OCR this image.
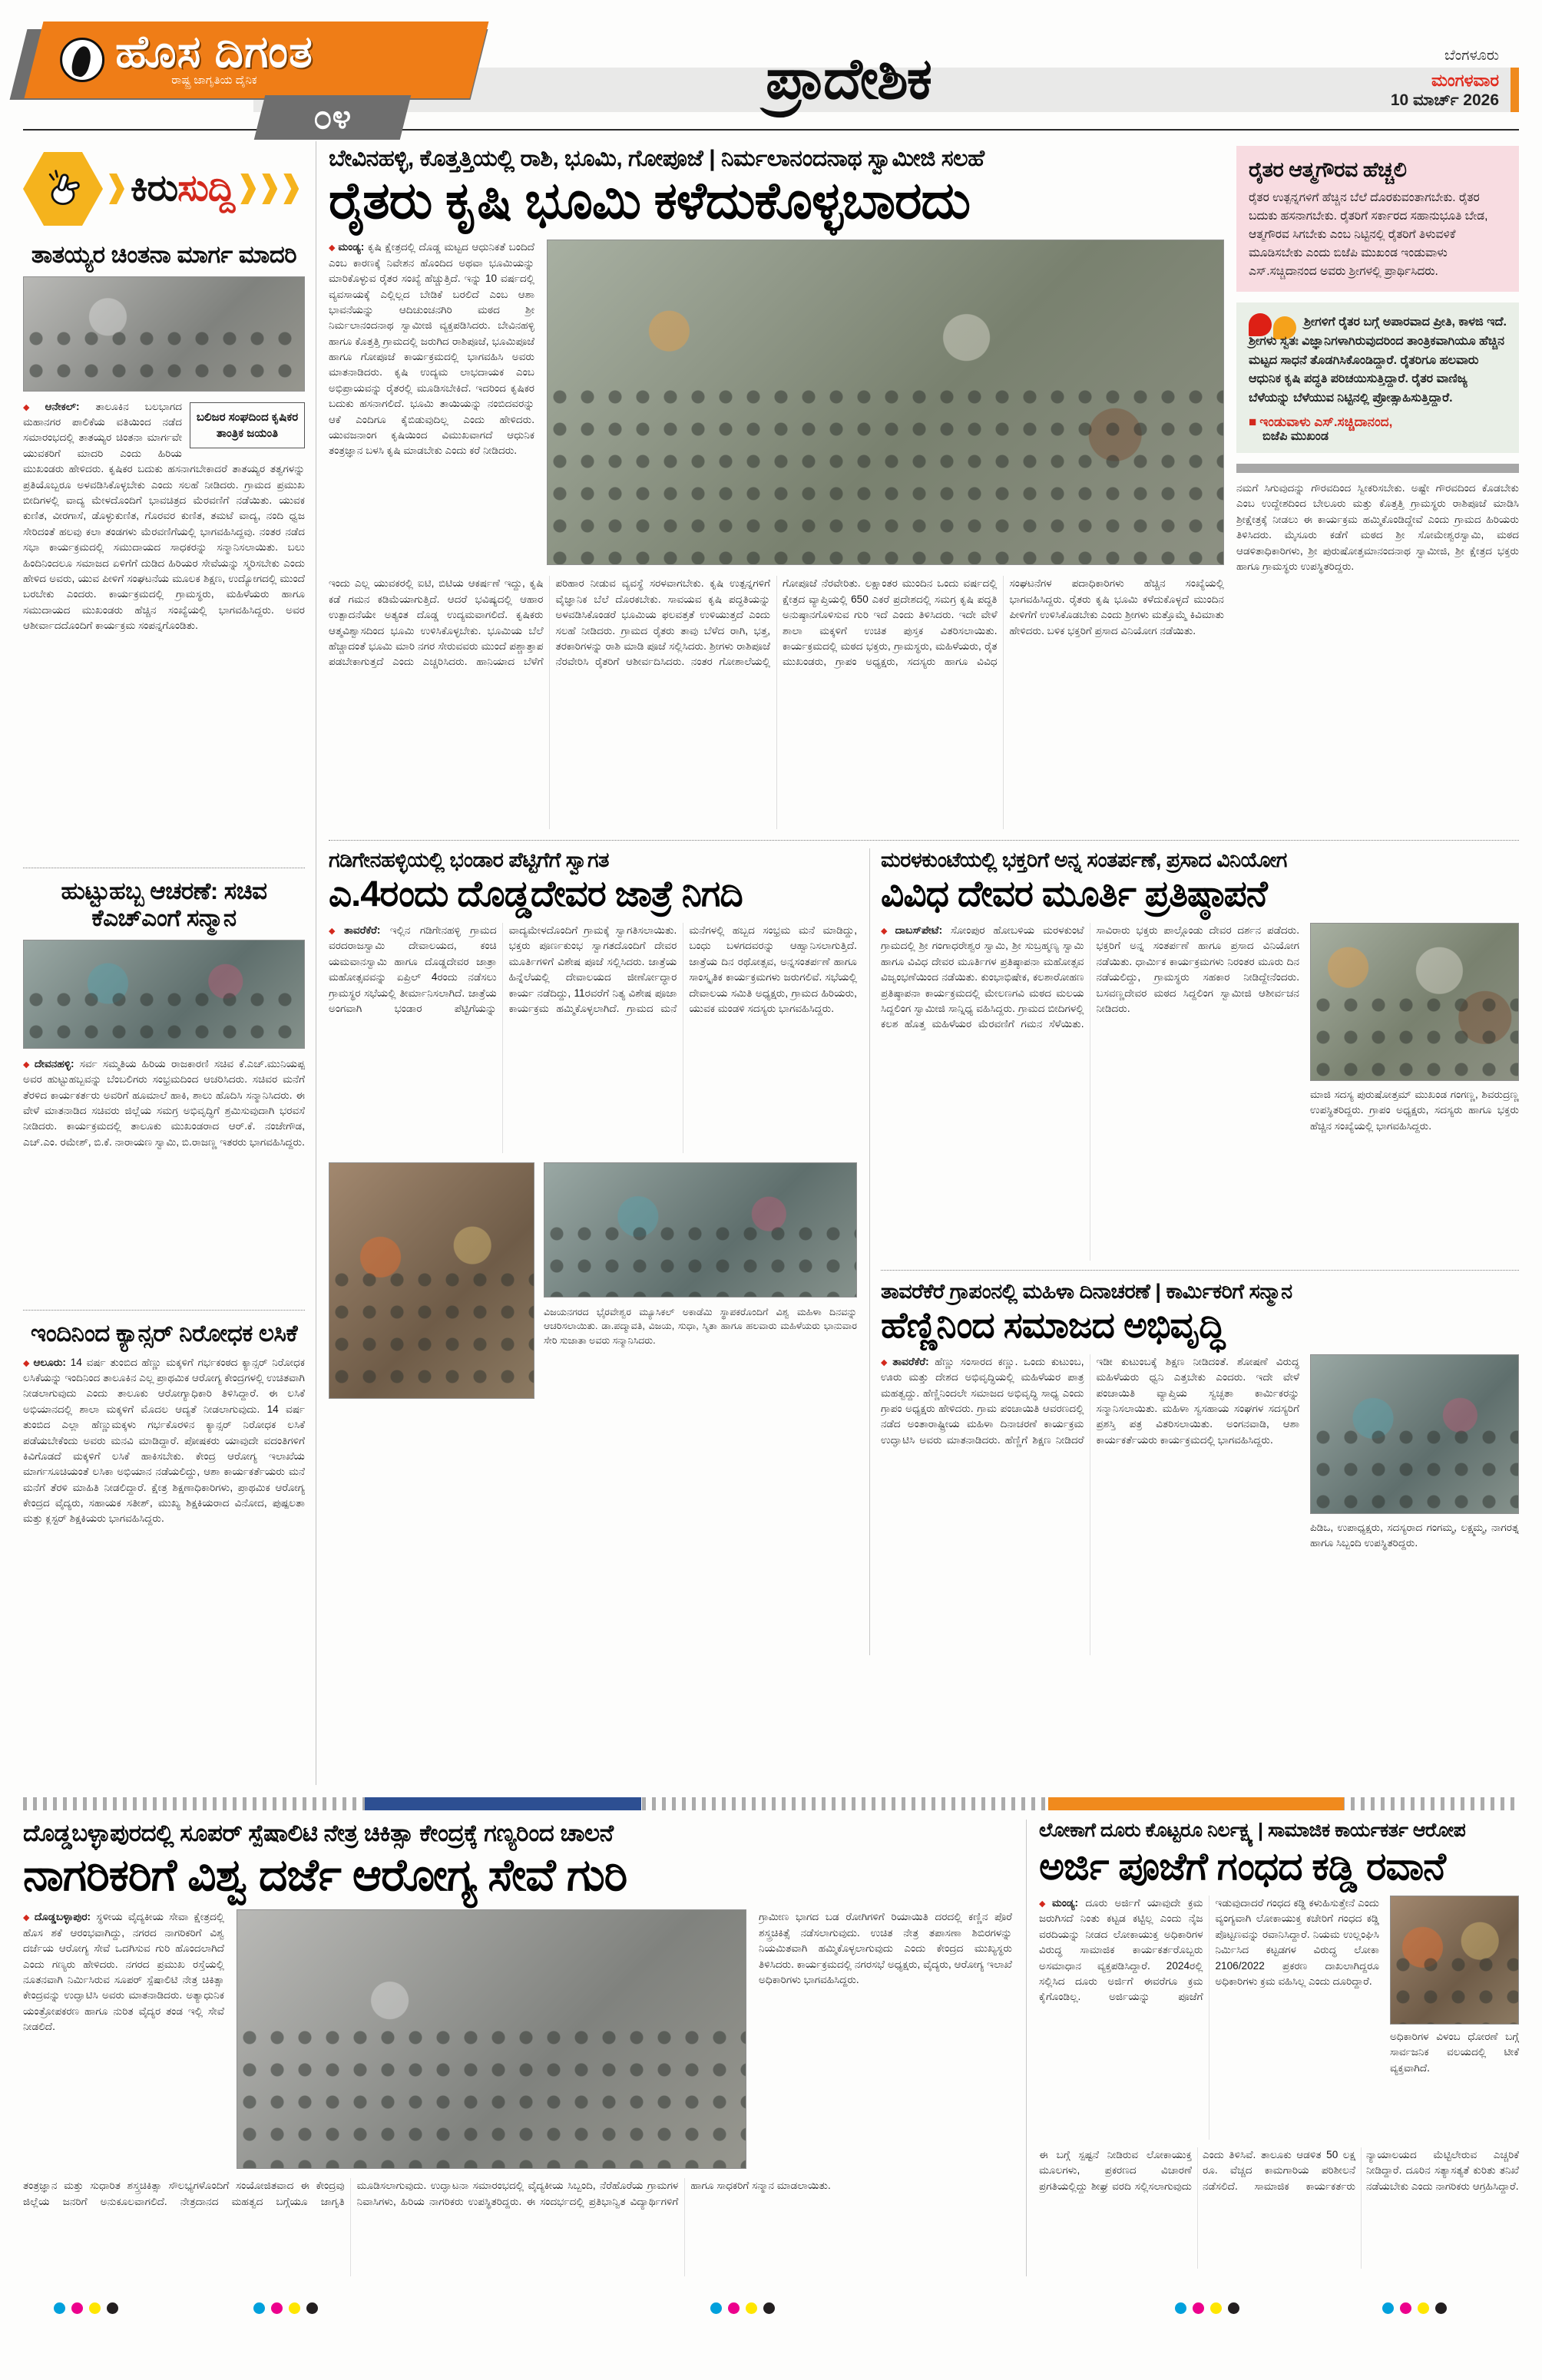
ಪ್ರಾದೇಶಿಕ	ಮಂಗಳವಾರ
10 ಮಾರ್ಚ್ 2026
ಬೆಂಗಳೂರು
ಹೊಸ ದಿಗಂತ
ರಾಷ್ಟ್ರ ಜಾಗೃತಿಯ ದೈನಿಕ
೦೪
ಕಿರುಸುದ್ದಿ
ತಾತಯ್ಯರ ಚಿಂತನಾ ಮಾರ್ಗ ಮಾದರಿ
ಬಲಿಜರ ಸಂಘದಿಂದ ಕೃಷಿಕರ ತಾಂತ್ರಿಕ ಜಯಂತಿ
◆ ಆನೇಕಲ್: ತಾಲೂಕಿನ ಬಲಭಾಗದ ಮಹಾನಗರ ಪಾಲಿಕೆಯ ವತಿಯಿಂದ ನಡೆದ ಸಮಾರಂಭದಲ್ಲಿ ತಾತಯ್ಯರ ಚಿಂತನಾ ಮಾರ್ಗವೇ ಯುವಕರಿಗೆ ಮಾದರಿ ಎಂದು ಹಿರಿಯ ಮುಖಂಡರು ಹೇಳಿದರು. ಕೃಷಿಕರ ಬದುಕು ಹಸನಾಗಬೇಕಾದರೆ ತಾತಯ್ಯರ ತತ್ವಗಳನ್ನು ಪ್ರತಿಯೊಬ್ಬರೂ ಅಳವಡಿಸಿಕೊಳ್ಳಬೇಕು ಎಂದು ಸಲಹೆ ನೀಡಿದರು. ಗ್ರಾಮದ ಪ್ರಮುಖ ಬೀದಿಗಳಲ್ಲಿ ವಾದ್ಯ ಮೇಳದೊಂದಿಗೆ ಭಾವಚಿತ್ರದ ಮೆರವಣಿಗೆ ನಡೆಯಿತು. ಯುವಕ ಕುಣಿತ, ವೀರಗಾಸೆ, ಡೊಳ್ಳುಕುಣಿತ, ಗೊರವರ ಕುಣಿತ, ತಮಟೆ ವಾದ್ಯ, ನಂದಿ ಧ್ವಜ ಸೇರಿದಂತೆ ಹಲವು ಕಲಾ ತಂಡಗಳು ಮೆರವಣಿಗೆಯಲ್ಲಿ ಭಾಗವಹಿಸಿದ್ದವು. ನಂತರ ನಡೆದ ಸಭಾ ಕಾರ್ಯಕ್ರಮದಲ್ಲಿ ಸಮುದಾಯದ ಸಾಧಕರನ್ನು ಸನ್ಮಾನಿಸಲಾಯಿತು. ಬಲು ಹಿಂದಿನಿಂದಲೂ ಸಮಾಜದ ಏಳಿಗೆಗೆ ದುಡಿದ ಹಿರಿಯರ ಸೇವೆಯನ್ನು ಸ್ಮರಿಸಬೇಕು ಎಂದು ಹೇಳಿದ ಅವರು, ಯುವ ಪೀಳಿಗೆ ಸಂಘಟನೆಯ ಮೂಲಕ ಶಿಕ್ಷಣ, ಉದ್ಯೋಗದಲ್ಲಿ ಮುಂದೆ ಬರಬೇಕು ಎಂದರು. ಕಾರ್ಯಕ್ರಮದಲ್ಲಿ ಗ್ರಾಮಸ್ಥರು, ಮಹಿಳೆಯರು ಹಾಗೂ ಸಮುದಾಯದ ಮುಖಂಡರು ಹೆಚ್ಚಿನ ಸಂಖ್ಯೆಯಲ್ಲಿ ಭಾಗವಹಿಸಿದ್ದರು. ಅವರ ಆಶೀರ್ವಾದದೊಂದಿಗೆ ಕಾರ್ಯಕ್ರಮ ಸಂಪನ್ನಗೊಂಡಿತು.
ಹುಟ್ಟುಹಬ್ಬ ಆಚರಣೆ: ಸಚಿವ ಕೆಎಚ್‌ಎಂಗೆ ಸನ್ಮಾನ
◆ ದೇವನಹಳ್ಳಿ: ಸರ್ವ ಸಮ್ಮತಿಯ ಹಿರಿಯ ರಾಜಕಾರಣಿ ಸಚಿವ ಕೆ.ಎಚ್.ಮುನಿಯಪ್ಪ ಅವರ ಹುಟ್ಟುಹಬ್ಬವನ್ನು ಬೆಂಬಲಿಗರು ಸಂಭ್ರಮದಿಂದ ಆಚರಿಸಿದರು. ಸಚಿವರ ಮನೆಗೆ ತೆರಳಿದ ಕಾರ್ಯಕರ್ತರು ಅವರಿಗೆ ಹೂಮಾಲೆ ಹಾಕಿ, ಶಾಲು ಹೊದಿಸಿ ಸನ್ಮಾನಿಸಿದರು. ಈ ವೇಳೆ ಮಾತನಾಡಿದ ಸಚಿವರು ಜಿಲ್ಲೆಯ ಸಮಗ್ರ ಅಭಿವೃದ್ಧಿಗೆ ಶ್ರಮಿಸುವುದಾಗಿ ಭರವಸೆ ನೀಡಿದರು. ಕಾರ್ಯಕ್ರಮದಲ್ಲಿ ತಾಲೂಕು ಮುಖಂಡರಾದ ಆರ್.ಕೆ. ನಂಜೇಗೌಡ, ಎಚ್.ಎಂ. ರಮೇಶ್, ಬಿ.ಕೆ. ನಾರಾಯಣ ಸ್ವಾಮಿ, ಬಿ.ರಾಜಣ್ಣ ಇತರರು ಭಾಗವಹಿಸಿದ್ದರು.
ಇಂದಿನಿಂದ ಕ್ಯಾನ್ಸರ್ ನಿರೋಧಕ ಲಸಿಕೆ
◆ ಆಲೂರು: 14 ವರ್ಷ ತುಂಬಿದ ಹೆಣ್ಣು ಮಕ್ಕಳಿಗೆ ಗರ್ಭಕಂಠದ ಕ್ಯಾನ್ಸರ್ ನಿರೋಧಕ ಲಸಿಕೆಯನ್ನು ಇಂದಿನಿಂದ ತಾಲೂಕಿನ ಎಲ್ಲ ಪ್ರಾಥಮಿಕ ಆರೋಗ್ಯ ಕೇಂದ್ರಗಳಲ್ಲಿ ಉಚಿತವಾಗಿ ನೀಡಲಾಗುವುದು ಎಂದು ತಾಲೂಕು ಆರೋಗ್ಯಾಧಿಕಾರಿ ತಿಳಿಸಿದ್ದಾರೆ. ಈ ಲಸಿಕೆ ಅಭಿಯಾನದಲ್ಲಿ ಶಾಲಾ ಮಕ್ಕಳಿಗೆ ಮೊದಲ ಆದ್ಯತೆ ನೀಡಲಾಗುವುದು. 14 ವರ್ಷ ತುಂಬಿದ ಎಲ್ಲಾ ಹೆಣ್ಣುಮಕ್ಕಳು ಗರ್ಭಕೊರಳಿನ ಕ್ಯಾನ್ಸರ್ ನಿರೋಧಕ ಲಸಿಕೆ ಪಡೆಯಬೇಕೆಂದು ಅವರು ಮನವಿ ಮಾಡಿದ್ದಾರೆ. ಪೋಷಕರು ಯಾವುದೇ ವದಂತಿಗಳಿಗೆ ಕಿವಿಗೊಡದೆ ಮಕ್ಕಳಿಗೆ ಲಸಿಕೆ ಹಾಕಿಸಬೇಕು. ಕೇಂದ್ರ ಆರೋಗ್ಯ ಇಲಾಖೆಯ ಮಾರ್ಗಸೂಚಿಯಂತೆ ಲಸಿಕಾ ಅಭಿಯಾನ ನಡೆಯಲಿದ್ದು, ಆಶಾ ಕಾರ್ಯಕರ್ತೆಯರು ಮನೆ ಮನೆಗೆ ತೆರಳಿ ಮಾಹಿತಿ ನೀಡಲಿದ್ದಾರೆ. ಕ್ಷೇತ್ರ ಶಿಕ್ಷಣಾಧಿಕಾರಿಗಳು, ಪ್ರಾಥಮಿಕ ಆರೋಗ್ಯ ಕೇಂದ್ರದ ವೈದ್ಯರು, ಸಹಾಯಕ ಸತೀಶ್, ಮುಖ್ಯ ಶಿಕ್ಷಕಿಯರಾದ ವಿನೋದ, ಪುಷ್ಪಲತಾ ಮತ್ತು ಕ್ಲಸ್ಟರ್ ಶಿಕ್ಷಕಿಯರು ಭಾಗವಹಿಸಿದ್ದರು.
ಬೇವಿನಹಳ್ಳಿ, ಕೊತ್ತತ್ತಿಯಲ್ಲಿ ರಾಶಿ, ಭೂಮಿ, ಗೋಪೂಜೆ | ನಿರ್ಮಲಾನಂದನಾಥ ಸ್ವಾಮೀಜಿ ಸಲಹೆ
ರೈತರು ಕೃಷಿ ಭೂಮಿ ಕಳೆದುಕೊಳ್ಳಬಾರದು
◆ ಮಂಡ್ಯ: ಕೃಷಿ ಕ್ಷೇತ್ರದಲ್ಲಿ ದೊಡ್ಡ ಮಟ್ಟದ ಆಧುನಿಕತೆ ಬಂದಿದೆ ಎಂಬ ಕಾರಣಕ್ಕೆ ನಿವೇಶನ ಹೊಂದಿದ ಅಥವಾ ಭೂಮಿಯನ್ನು ಮಾರಿಕೊಳ್ಳುವ ರೈತರ ಸಂಖ್ಯೆ ಹೆಚ್ಚುತ್ತಿದೆ. ಇನ್ನು 10 ವರ್ಷದಲ್ಲಿ ವ್ಯವಸಾಯಕ್ಕೆ ಎಲ್ಲಿಲ್ಲದ ಬೇಡಿಕೆ ಬರಲಿದೆ ಎಂಬ ಆಶಾ ಭಾವನೆಯನ್ನು ಆದಿಚುಂಚನಗಿರಿ ಮಠದ ಶ್ರೀ ನಿರ್ಮಲಾನಂದನಾಥ ಸ್ವಾಮೀಜಿ ವ್ಯಕ್ತಪಡಿಸಿದರು. ಬೇವಿನಹಳ್ಳಿ ಹಾಗೂ ಕೊತ್ತತ್ತಿ ಗ್ರಾಮದಲ್ಲಿ ಜರುಗಿದ ರಾಶಿಪೂಜೆ, ಭೂಮಿಪೂಜೆ ಹಾಗೂ ಗೋಪೂಜೆ ಕಾರ್ಯಕ್ರಮದಲ್ಲಿ ಭಾಗವಹಿಸಿ ಅವರು ಮಾತನಾಡಿದರು. ಕೃಷಿ ಉದ್ಯಮ ಲಾಭದಾಯಕ ಎಂಬ ಅಭಿಪ್ರಾಯವನ್ನು ರೈತರಲ್ಲಿ ಮೂಡಿಸಬೇಕಿದೆ. ಇದರಿಂದ ಕೃಷಿಕರ ಬದುಕು ಹಸನಾಗಲಿದೆ. ಭೂಮಿ ತಾಯಿಯನ್ನು ನಂಬಿದವರನ್ನು ಆಕೆ ಎಂದಿಗೂ ಕೈಬಿಡುವುದಿಲ್ಲ ಎಂದು ಹೇಳಿದರು. ಯುವಜನಾಂಗ ಕೃಷಿಯಿಂದ ವಿಮುಖವಾಗದೆ ಆಧುನಿಕ ತಂತ್ರಜ್ಞಾನ ಬಳಸಿ ಕೃಷಿ ಮಾಡಬೇಕು ಎಂದು ಕರೆ ನೀಡಿದರು.
ಇಂದು ಎಲ್ಲ ಯುವಕರಲ್ಲಿ ಐಟಿ, ಬಿಟಿಯ ಆಕರ್ಷಣೆ ಇದ್ದು, ಕೃಷಿ ಕಡೆ ಗಮನ ಕಡಿಮೆಯಾಗುತ್ತಿದೆ. ಆದರೆ ಭವಿಷ್ಯದಲ್ಲಿ ಆಹಾರ ಉತ್ಪಾದನೆಯೇ ಅತ್ಯಂತ ದೊಡ್ಡ ಉದ್ಯಮವಾಗಲಿದೆ. ಕೃಷಿಕರು ಆತ್ಮವಿಶ್ವಾಸದಿಂದ ಭೂಮಿ ಉಳಿಸಿಕೊಳ್ಳಬೇಕು. ಭೂಮಿಯ ಬೆಲೆ ಹೆಚ್ಚಾದಂತೆ ಭೂಮಿ ಮಾರಿ ನಗರ ಸೇರುವವರು ಮುಂದೆ ಪಶ್ಚಾತ್ತಾಪ ಪಡಬೇಕಾಗುತ್ತದೆ ಎಂದು ಎಚ್ಚರಿಸಿದರು. ಹಾನಿಯಾದ ಬೆಳೆಗೆ ಪರಿಹಾರ ನೀಡುವ ವ್ಯವಸ್ಥೆ ಸರಳವಾಗಬೇಕು. ಕೃಷಿ ಉತ್ಪನ್ನಗಳಿಗೆ ವೈಜ್ಞಾನಿಕ ಬೆಲೆ ದೊರಕಬೇಕು. ಸಾವಯವ ಕೃಷಿ ಪದ್ಧತಿಯನ್ನು ಅಳವಡಿಸಿಕೊಂಡರೆ ಭೂಮಿಯ ಫಲವತ್ತತೆ ಉಳಿಯುತ್ತದೆ ಎಂದು ಸಲಹೆ ನೀಡಿದರು. ಗ್ರಾಮದ ರೈತರು ತಾವು ಬೆಳೆದ ರಾಗಿ, ಭತ್ತ, ತರಕಾರಿಗಳನ್ನು ರಾಶಿ ಮಾಡಿ ಪೂಜೆ ಸಲ್ಲಿಸಿದರು. ಶ್ರೀಗಳು ರಾಶಿಪೂಜೆ ನೆರವೇರಿಸಿ ರೈತರಿಗೆ ಆಶೀರ್ವದಿಸಿದರು. ನಂತರ ಗೋಶಾಲೆಯಲ್ಲಿ ಗೋಪೂಜೆ ನೆರವೇರಿತು. ಲಕ್ಷಾಂತರ ಮುಂದಿನ ಒಂದು ವರ್ಷದಲ್ಲಿ ಕ್ಷೇತ್ರದ ವ್ಯಾಪ್ತಿಯಲ್ಲಿ 650 ಎಕರೆ ಪ್ರದೇಶದಲ್ಲಿ ಸಮಗ್ರ ಕೃಷಿ ಪದ್ಧತಿ ಅನುಷ್ಠಾನಗೊಳಿಸುವ ಗುರಿ ಇದೆ ಎಂದು ತಿಳಿಸಿದರು. ಇದೇ ವೇಳೆ ಶಾಲಾ ಮಕ್ಕಳಿಗೆ ಉಚಿತ ಪುಸ್ತಕ ವಿತರಿಸಲಾಯಿತು. ಕಾರ್ಯಕ್ರಮದಲ್ಲಿ ಮಠದ ಭಕ್ತರು, ಗ್ರಾಮಸ್ಥರು, ಮಹಿಳೆಯರು, ರೈತ ಮುಖಂಡರು, ಗ್ರಾಪಂ ಅಧ್ಯಕ್ಷರು, ಸದಸ್ಯರು ಹಾಗೂ ವಿವಿಧ ಸಂಘಟನೆಗಳ ಪದಾಧಿಕಾರಿಗಳು ಹೆಚ್ಚಿನ ಸಂಖ್ಯೆಯಲ್ಲಿ ಭಾಗವಹಿಸಿದ್ದರು. ರೈತರು ಕೃಷಿ ಭೂಮಿ ಕಳೆದುಕೊಳ್ಳದೆ ಮುಂದಿನ ಪೀಳಿಗೆಗೆ ಉಳಿಸಿಕೊಡಬೇಕು ಎಂದು ಶ್ರೀಗಳು ಮತ್ತೊಮ್ಮೆ ಕಿವಿಮಾತು ಹೇಳಿದರು. ಬಳಿಕ ಭಕ್ತರಿಗೆ ಪ್ರಸಾದ ವಿನಿಯೋಗ ನಡೆಯಿತು.
ರೈತರ ಆತ್ಮಗೌರವ ಹೆಚ್ಚಲಿ
ರೈತರ ಉತ್ಪನ್ನಗಳಿಗೆ ಹೆಚ್ಚಿನ ಬೆಲೆ ದೊರಕುವಂತಾಗಬೇಕು. ರೈತರ ಬದುಕು ಹಸನಾಗಬೇಕು. ರೈತರಿಗೆ ಸರ್ಕಾರದ ಸಹಾನುಭೂತಿ ಬೇಡ, ಆತ್ಮಗೌರವ ಸಿಗಬೇಕು ಎಂಬ ನಿಟ್ಟಿನಲ್ಲಿ ರೈತರಿಗೆ ತಿಳುವಳಿಕೆ ಮೂಡಿಸಬೇಕು ಎಂದು ಬಿಜೆಪಿ ಮುಖಂಡ ಇಂಡುವಾಳು ಎಸ್.ಸಚ್ಚಿದಾನಂದ ಅವರು ಶ್ರೀಗಳಲ್ಲಿ ಪ್ರಾರ್ಥಿಸಿದರು.
ಶ್ರೀಗಳಿಗೆ ರೈತರ ಬಗ್ಗೆ ಅಪಾರವಾದ ಪ್ರೀತಿ, ಕಾಳಜಿ ಇದೆ. ಶ್ರೀಗಳು ಸ್ವತಃ ವಿಜ್ಞಾನಿಗಳಾಗಿರುವುದರಿಂದ ತಾಂತ್ರಿಕವಾಗಿಯೂ ಹೆಚ್ಚಿನ ಮಟ್ಟದ ಸಾಧನೆ ತೊಡಗಿಸಿಕೊಂಡಿದ್ದಾರೆ. ರೈತರಿಗೂ ಹಲವಾರು ಆಧುನಿಕ ಕೃಷಿ ಪದ್ಧತಿ ಪರಿಚಯಿಸುತ್ತಿದ್ದಾರೆ. ರೈತರ ವಾಣಿಜ್ಯ ಬೆಳೆಯನ್ನು ಬೆಳೆಯುವ ನಿಟ್ಟಿನಲ್ಲಿ ಪ್ರೋತ್ಸಾಹಿಸುತ್ತಿದ್ದಾರೆ.
■ ಇಂಡುವಾಳು ಎಸ್.ಸಚ್ಚಿದಾನಂದ,
ಬಿಜೆಪಿ ಮುಖಂಡ
ನಮಗೆ ಸಿಗುವುದನ್ನು ಗೌರವದಿಂದ ಸ್ವೀಕರಿಸಬೇಕು. ಅಷ್ಟೇ ಗೌರವದಿಂದ ಕೊಡಬೇಕು ಎಂಬ ಉದ್ದೇಶದಿಂದ ಬೇಲೂರು ಮತ್ತು ಕೊತ್ತತ್ತಿ ಗ್ರಾಮಸ್ಥರು ರಾಶಿಪೂಜೆ ಮಾಡಿಸಿ ಶ್ರೀಕ್ಷೇತ್ರಕ್ಕೆ ನೀಡಲು ಈ ಕಾರ್ಯಕ್ರಮ ಹಮ್ಮಿಕೊಂಡಿದ್ದೇವೆ ಎಂದು ಗ್ರಾಮದ ಹಿರಿಯರು ತಿಳಿಸಿದರು. ಮೈಸೂರು ಕಡೆಗೆ ಮಠದ ಶ್ರೀ ಸೋಮೇಶ್ವರಸ್ವಾಮಿ, ಮಠದ ಆಡಳಿತಾಧಿಕಾರಿಗಳು, ಶ್ರೀ ಪುರುಷೋತ್ತಮಾನಂದನಾಥ ಸ್ವಾಮೀಜಿ, ಶ್ರೀ ಕ್ಷೇತ್ರದ ಭಕ್ತರು ಹಾಗೂ ಗ್ರಾಮಸ್ಥರು ಉಪಸ್ಥಿತರಿದ್ದರು.
ಗಡಿಗೇನಹಳ್ಳಿಯಲ್ಲಿ ಭಂಡಾರ ಪೆಟ್ಟಿಗೆಗೆ ಸ್ವಾಗತ
ಎ.4ರಂದು ದೊಡ್ಡದೇವರ ಜಾತ್ರೆ ನಿಗದಿ
◆ ತಾವರೆಕೆರೆ: ಇಲ್ಲಿನ ಗಡಿಗೇನಹಳ್ಳಿ ಗ್ರಾಮದ ವರದರಾಜಸ್ವಾಮಿ ದೇವಾಲಯದ, ಕಂಚಿ ಯಮವಾನಸ್ವಾಮಿ ಹಾಗೂ ದೊಡ್ಡದೇವರ ಜಾತ್ರಾ ಮಹೋತ್ಸವವನ್ನು ಏಪ್ರಿಲ್ 4ರಂದು ನಡೆಸಲು ಗ್ರಾಮಸ್ಥರ ಸಭೆಯಲ್ಲಿ ತೀರ್ಮಾನಿಸಲಾಗಿದೆ. ಜಾತ್ರೆಯ ಅಂಗವಾಗಿ ಭಂಡಾರ ಪೆಟ್ಟಿಗೆಯನ್ನು ವಾದ್ಯಮೇಳದೊಂದಿಗೆ ಗ್ರಾಮಕ್ಕೆ ಸ್ವಾಗತಿಸಲಾಯಿತು. ಭಕ್ತರು ಪೂರ್ಣಕುಂಭ ಸ್ವಾಗತದೊಂದಿಗೆ ದೇವರ ಮೂರ್ತಿಗಳಿಗೆ ವಿಶೇಷ ಪೂಜೆ ಸಲ್ಲಿಸಿದರು. ಜಾತ್ರೆಯ ಹಿನ್ನೆಲೆಯಲ್ಲಿ ದೇವಾಲಯದ ಜೀರ್ಣೋದ್ಧಾರ ಕಾರ್ಯ ನಡೆದಿದ್ದು, 11ರವರೆಗೆ ನಿತ್ಯ ವಿಶೇಷ ಪೂಜಾ ಕಾರ್ಯಕ್ರಮ ಹಮ್ಮಿಕೊಳ್ಳಲಾಗಿದೆ. ಗ್ರಾಮದ ಮನೆ ಮನೆಗಳಲ್ಲಿ ಹಬ್ಬದ ಸಂಭ್ರಮ ಮನೆ ಮಾಡಿದ್ದು, ಬಂಧು ಬಳಗದವರನ್ನು ಆಹ್ವಾನಿಸಲಾಗುತ್ತಿದೆ. ಜಾತ್ರೆಯ ದಿನ ರಥೋತ್ಸವ, ಅನ್ನಸಂತರ್ಪಣೆ ಹಾಗೂ ಸಾಂಸ್ಕೃತಿಕ ಕಾರ್ಯಕ್ರಮಗಳು ಜರುಗಲಿವೆ. ಸಭೆಯಲ್ಲಿ ದೇವಾಲಯ ಸಮಿತಿ ಅಧ್ಯಕ್ಷರು, ಗ್ರಾಮದ ಹಿರಿಯರು, ಯುವಕ ಮಂಡಳಿ ಸದಸ್ಯರು ಭಾಗವಹಿಸಿದ್ದರು.
ವಿಜಯನಗರದ ಭೈರವೇಶ್ವರ ಮ್ಯೂಸಿಕಲ್ ಅಕಾಡೆಮಿ ಸ್ಥಾಪಕರೊಂದಿಗೆ ವಿಶ್ವ ಮಹಿಳಾ ದಿನವನ್ನು ಆಚರಿಸಲಾಯಿತು. ಡಾ.ಪದ್ಮಾವತಿ, ವಿಜಯ, ಸುಧಾ, ಸ್ಮಿತಾ ಹಾಗೂ ಹಲವಾರು ಮಹಿಳೆಯರು ಭಾನುವಾರ ಸೇರಿ ಸುಜಾತಾ ಅವರು ಸನ್ಮಾನಿಸಿದರು.
ಮರಳಕುಂಟೆಯಲ್ಲಿ ಭಕ್ತರಿಗೆ ಅನ್ನ ಸಂತರ್ಪಣೆ, ಪ್ರಸಾದ ವಿನಿಯೋಗ
ವಿವಿಧ ದೇವರ ಮೂರ್ತಿ ಪ್ರತಿಷ್ಠಾಪನೆ
◆ ದಾಬಸ್‌ಪೇಟೆ: ಸೋಂಪುರ ಹೋಬಳಿಯ ಮರಳಕುಂಟೆ ಗ್ರಾಮದಲ್ಲಿ ಶ್ರೀ ಗಂಗಾಧರೇಶ್ವರ ಸ್ವಾಮಿ, ಶ್ರೀ ಸುಬ್ರಹ್ಮಣ್ಯ ಸ್ವಾಮಿ ಹಾಗೂ ವಿವಿಧ ದೇವರ ಮೂರ್ತಿಗಳ ಪ್ರತಿಷ್ಠಾಪನಾ ಮಹೋತ್ಸವ ವಿಜೃಂಭಣೆಯಿಂದ ನಡೆಯಿತು. ಕುಂಭಾಭಿಷೇಕ, ಕಲಶಾರೋಹಣ ಪ್ರತಿಷ್ಠಾಪನಾ ಕಾರ್ಯಕ್ರಮದಲ್ಲಿ ಮೇಲಣಗವಿ ಮಠದ ಮಲಯ ಸಿದ್ದಲಿಂಗ ಸ್ವಾಮೀಜಿ ಸಾನ್ನಿಧ್ಯ ವಹಿಸಿದ್ದರು. ಗ್ರಾಮದ ಬೀದಿಗಳಲ್ಲಿ ಕಲಶ ಹೊತ್ತ ಮಹಿಳೆಯರ ಮೆರವಣಿಗೆ ಗಮನ ಸೆಳೆಯಿತು. ಸಾವಿರಾರು ಭಕ್ತರು ಪಾಲ್ಗೊಂಡು ದೇವರ ದರ್ಶನ ಪಡೆದರು. ಭಕ್ತರಿಗೆ ಅನ್ನ ಸಂತರ್ಪಣೆ ಹಾಗೂ ಪ್ರಸಾದ ವಿನಿಯೋಗ ನಡೆಯಿತು. ಧಾರ್ಮಿಕ ಕಾರ್ಯಕ್ರಮಗಳು ನಿರಂತರ ಮೂರು ದಿನ ನಡೆಯಲಿದ್ದು, ಗ್ರಾಮಸ್ಥರು ಸಹಕಾರ ನೀಡಿದ್ದೇನೆಂದರು. ಬಸವಣ್ಣದೇವರ ಮಠದ ಸಿದ್ದಲಿಂಗ ಸ್ವಾಮೀಜಿ ಆಶೀರ್ವಚನ ನೀಡಿದರು.
ಮಾಜಿ ಸದಸ್ಯ ಪುರುಷೋತ್ತಮ್ ಮುಖಂಡ ಗಂಗಣ್ಣ, ಶಿವರುದ್ರಣ್ಣ ಉಪಸ್ಥಿತರಿದ್ದರು. ಗ್ರಾಪಂ ಅಧ್ಯಕ್ಷರು, ಸದಸ್ಯರು ಹಾಗೂ ಭಕ್ತರು ಹೆಚ್ಚಿನ ಸಂಖ್ಯೆಯಲ್ಲಿ ಭಾಗವಹಿಸಿದ್ದರು.
ತಾವರೆಕೆರೆ ಗ್ರಾಪಂನಲ್ಲಿ ಮಹಿಳಾ ದಿನಾಚರಣೆ | ಕಾರ್ಮಿಕರಿಗೆ ಸನ್ಮಾನ
ಹೆಣ್ಣಿನಿಂದ ಸಮಾಜದ ಅಭಿವೃದ್ಧಿ
◆ ತಾವರೆಕೆರೆ: ಹೆಣ್ಣು ಸಂಸಾರದ ಕಣ್ಣು. ಒಂದು ಕುಟುಂಬ, ಊರು ಮತ್ತು ದೇಶದ ಅಭಿವೃದ್ಧಿಯಲ್ಲಿ ಮಹಿಳೆಯರ ಪಾತ್ರ ಮಹತ್ವದ್ದು. ಹೆಣ್ಣಿನಿಂದಲೇ ಸಮಾಜದ ಅಭಿವೃದ್ಧಿ ಸಾಧ್ಯ ಎಂದು ಗ್ರಾಪಂ ಅಧ್ಯಕ್ಷರು ಹೇಳಿದರು. ಗ್ರಾಮ ಪಂಚಾಯಿತಿ ಆವರಣದಲ್ಲಿ ನಡೆದ ಅಂತಾರಾಷ್ಟ್ರೀಯ ಮಹಿಳಾ ದಿನಾಚರಣೆ ಕಾರ್ಯಕ್ರಮ ಉದ್ಘಾಟಿಸಿ ಅವರು ಮಾತನಾಡಿದರು. ಹೆಣ್ಣಿಗೆ ಶಿಕ್ಷಣ ನೀಡಿದರೆ ಇಡೀ ಕುಟುಂಬಕ್ಕೆ ಶಿಕ್ಷಣ ನೀಡಿದಂತೆ. ಶೋಷಣೆ ವಿರುದ್ಧ ಮಹಿಳೆಯರು ಧ್ವನಿ ಎತ್ತಬೇಕು ಎಂದರು. ಇದೇ ವೇಳೆ ಪಂಚಾಯಿತಿ ವ್ಯಾಪ್ತಿಯ ಸ್ವಚ್ಛತಾ ಕಾರ್ಮಿಕರನ್ನು ಸನ್ಮಾನಿಸಲಾಯಿತು. ಮಹಿಳಾ ಸ್ವಸಹಾಯ ಸಂಘಗಳ ಸದಸ್ಯರಿಗೆ ಪ್ರಶಸ್ತಿ ಪತ್ರ ವಿತರಿಸಲಾಯಿತು. ಅಂಗನವಾಡಿ, ಆಶಾ ಕಾರ್ಯಕರ್ತೆಯರು ಕಾರ್ಯಕ್ರಮದಲ್ಲಿ ಭಾಗವಹಿಸಿದ್ದರು.
ಪಿಡಿಒ, ಉಪಾಧ್ಯಕ್ಷರು, ಸದಸ್ಯರಾದ ಗಂಗಮ್ಮ, ಲಕ್ಷ್ಮಮ್ಮ, ನಾಗರತ್ನ ಹಾಗೂ ಸಿಬ್ಬಂದಿ ಉಪಸ್ಥಿತರಿದ್ದರು.
ದೊಡ್ಡಬಳ್ಳಾಪುರದಲ್ಲಿ ಸೂಪರ್ ಸ್ಪೆಷಾಲಿಟಿ ನೇತ್ರ ಚಿಕಿತ್ಸಾ ಕೇಂದ್ರಕ್ಕೆ ಗಣ್ಯರಿಂದ ಚಾಲನೆ
ನಾಗರಿಕರಿಗೆ ವಿಶ್ವ ದರ್ಜೆ ಆರೋಗ್ಯ ಸೇವೆ ಗುರಿ
◆ ದೊಡ್ಡಬಳ್ಳಾಪುರ: ಸ್ಥಳೀಯ ವೈದ್ಯಕೀಯ ಸೇವಾ ಕ್ಷೇತ್ರದಲ್ಲಿ ಹೊಸ ಶಕೆ ಆರಂಭವಾಗಿದ್ದು, ನಗರದ ನಾಗರಿಕರಿಗೆ ವಿಶ್ವ ದರ್ಜೆಯ ಆರೋಗ್ಯ ಸೇವೆ ಒದಗಿಸುವ ಗುರಿ ಹೊಂದಲಾಗಿದೆ ಎಂದು ಗಣ್ಯರು ಹೇಳಿದರು. ನಗರದ ಪ್ರಮುಖ ರಸ್ತೆಯಲ್ಲಿ ನೂತನವಾಗಿ ನಿರ್ಮಿಸಿರುವ ಸೂಪರ್ ಸ್ಪೆಷಾಲಿಟಿ ನೇತ್ರ ಚಿಕಿತ್ಸಾ ಕೇಂದ್ರವನ್ನು ಉದ್ಘಾಟಿಸಿ ಅವರು ಮಾತನಾಡಿದರು. ಅತ್ಯಾಧುನಿಕ ಯಂತ್ರೋಪಕರಣ ಹಾಗೂ ನುರಿತ ವೈದ್ಯರ ತಂಡ ಇಲ್ಲಿ ಸೇವೆ ನೀಡಲಿದೆ.
ಗ್ರಾಮೀಣ ಭಾಗದ ಬಡ ರೋಗಿಗಳಿಗೆ ರಿಯಾಯಿತಿ ದರದಲ್ಲಿ ಕಣ್ಣಿನ ಪೊರೆ ಶಸ್ತ್ರಚಿಕಿತ್ಸೆ ನಡೆಸಲಾಗುವುದು. ಉಚಿತ ನೇತ್ರ ತಪಾಸಣಾ ಶಿಬಿರಗಳನ್ನು ನಿಯಮಿತವಾಗಿ ಹಮ್ಮಿಕೊಳ್ಳಲಾಗುವುದು ಎಂದು ಕೇಂದ್ರದ ಮುಖ್ಯಸ್ಥರು ತಿಳಿಸಿದರು. ಕಾರ್ಯಕ್ರಮದಲ್ಲಿ ನಗರಸಭೆ ಅಧ್ಯಕ್ಷರು, ವೈದ್ಯರು, ಆರೋಗ್ಯ ಇಲಾಖೆ ಅಧಿಕಾರಿಗಳು ಭಾಗವಹಿಸಿದ್ದರು.
ತಂತ್ರಜ್ಞಾನ ಮತ್ತು ಸುಧಾರಿತ ಶಸ್ತ್ರಚಿಕಿತ್ಸಾ ಸೌಲಭ್ಯಗಳೊಂದಿಗೆ ಸಂಯೋಜಿತವಾದ ಈ ಕೇಂದ್ರವು ಜಿಲ್ಲೆಯ ಜನರಿಗೆ ಅನುಕೂಲವಾಗಲಿದೆ. ನೇತ್ರದಾನದ ಮಹತ್ವದ ಬಗ್ಗೆಯೂ ಜಾಗೃತಿ ಮೂಡಿಸಲಾಗುವುದು. ಉದ್ಘಾಟನಾ ಸಮಾರಂಭದಲ್ಲಿ ವೈದ್ಯಕೀಯ ಸಿಬ್ಬಂದಿ, ನೆರೆಹೊರೆಯ ಗ್ರಾಮಗಳ ನಿವಾಸಿಗಳು, ಹಿರಿಯ ನಾಗರಿಕರು ಉಪಸ್ಥಿತರಿದ್ದರು. ಈ ಸಂದರ್ಭದಲ್ಲಿ ಪ್ರತಿಭಾನ್ವಿತ ವಿದ್ಯಾರ್ಥಿಗಳಿಗೆ ಹಾಗೂ ಸಾಧಕರಿಗೆ ಸನ್ಮಾನ ಮಾಡಲಾಯಿತು.
ಲೋಕಾಗೆ ದೂರು ಕೊಟ್ಟರೂ ನಿರ್ಲಕ್ಷ್ಯ | ಸಾಮಾಜಿಕ ಕಾರ್ಯಕರ್ತ ಆರೋಪ
ಅರ್ಜಿ ಪೂಜೆಗೆ ಗಂಧದ ಕಡ್ಡಿ ರವಾನೆ
◆ ಮಂಡ್ಯ: ದೂರು ಅರ್ಜಿಗೆ ಯಾವುದೇ ಕ್ರಮ ಜರುಗಿಸದೆ ನಿಂತು ಕಟ್ಟಡ ಕಟ್ಟಿಲ್ಲ ಎಂದು ನೈಜ ವರದಿಯನ್ನು ನೀಡದ ಲೋಕಾಯುಕ್ತ ಅಧಿಕಾರಿಗಳ ವಿರುದ್ಧ ಸಾಮಾಜಿಕ ಕಾರ್ಯಕರ್ತರೊಬ್ಬರು ಅಸಮಾಧಾನ ವ್ಯಕ್ತಪಡಿಸಿದ್ದಾರೆ. 2024ರಲ್ಲಿ ಸಲ್ಲಿಸಿದ ದೂರು ಅರ್ಜಿಗೆ ಈವರೆಗೂ ಕ್ರಮ ಕೈಗೊಂಡಿಲ್ಲ. ಅರ್ಜಿಯನ್ನು ಪೂಜೆಗೆ ಇಡುವುದಾದರೆ ಗಂಧದ ಕಡ್ಡಿ ಕಳುಹಿಸುತ್ತೇನೆ ಎಂದು ವ್ಯಂಗ್ಯವಾಗಿ ಲೋಕಾಯುಕ್ತ ಕಚೇರಿಗೆ ಗಂಧದ ಕಡ್ಡಿ ಪೊಟ್ಟಣವನ್ನು ರವಾನಿಸಿದ್ದಾರೆ. ನಿಯಮ ಉಲ್ಲಂಘಿಸಿ ನಿರ್ಮಿಸಿದ ಕಟ್ಟಡಗಳ ವಿರುದ್ಧ ಲೋಕಾ 2106/2022 ಪ್ರಕರಣ ದಾಖಲಾಗಿದ್ದರೂ ಅಧಿಕಾರಿಗಳು ಕ್ರಮ ವಹಿಸಿಲ್ಲ ಎಂದು ದೂರಿದ್ದಾರೆ.
ಅಧಿಕಾರಿಗಳ ವಿಳಂಬ ಧೋರಣೆ ಬಗ್ಗೆ ಸಾರ್ವಜನಿಕ ವಲಯದಲ್ಲಿ ಟೀಕೆ ವ್ಯಕ್ತವಾಗಿದೆ.
ಈ ಬಗ್ಗೆ ಸ್ಪಷ್ಟನೆ ನೀಡಿರುವ ಲೋಕಾಯುಕ್ತ ಮೂಲಗಳು, ಪ್ರಕರಣದ ವಿಚಾರಣೆ ಪ್ರಗತಿಯಲ್ಲಿದ್ದು ಶೀಘ್ರ ವರದಿ ಸಲ್ಲಿಸಲಾಗುವುದು ಎಂದು ತಿಳಿಸಿವೆ. ತಾಲೂಕು ಆಡಳಿತ 50 ಲಕ್ಷ ರೂ. ವೆಚ್ಚದ ಕಾಮಗಾರಿಯ ಪರಿಶೀಲನೆ ನಡೆಸಲಿದೆ. ಸಾಮಾಜಿಕ ಕಾರ್ಯಕರ್ತರು ನ್ಯಾಯಾಲಯದ ಮೆಟ್ಟಿಲೇರುವ ಎಚ್ಚರಿಕೆ ನೀಡಿದ್ದಾರೆ. ದೂರಿನ ಸತ್ಯಾಸತ್ಯತೆ ಕುರಿತು ತನಿಖೆ ನಡೆಯಬೇಕು ಎಂದು ನಾಗರಿಕರು ಆಗ್ರಹಿಸಿದ್ದಾರೆ.
